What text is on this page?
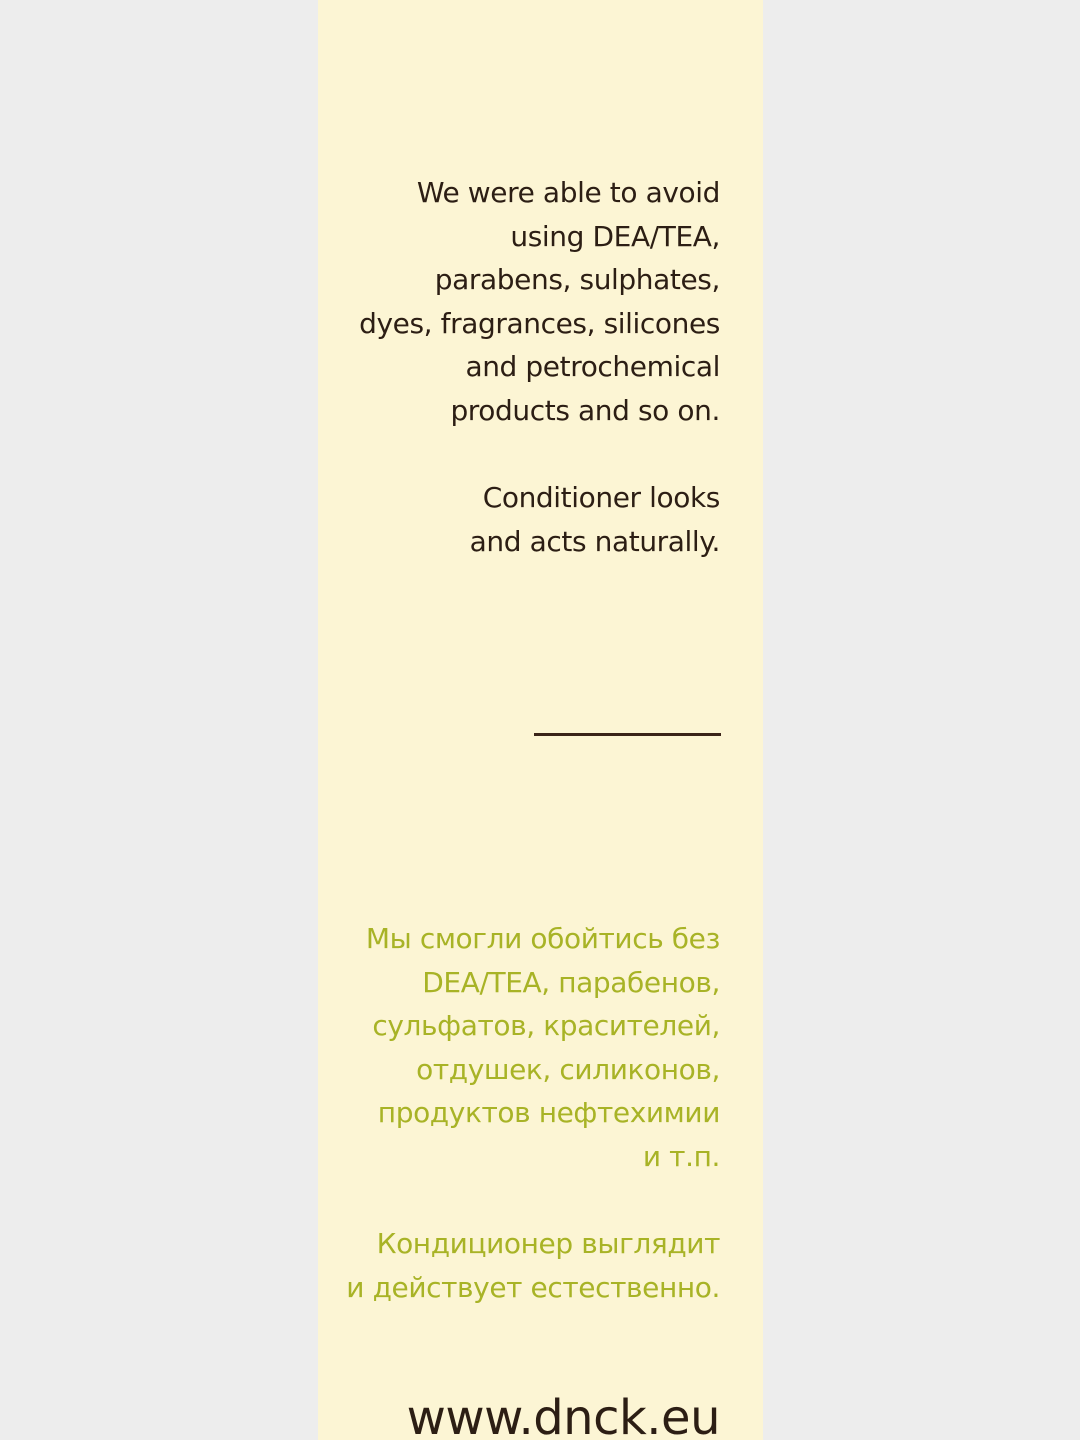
We were able to avoid
using DEA/TEA,
parabens, sulphates,
dyes, fragrances, silicones
and petrochemical
products and so on.

Conditioner looks
and acts naturally.

Мы смогли обойтись без
DEA/TEA, парабенов,
сульфатов, красителей,
отдушек, силиконов,
продуктов нефтехимии
и т.п.

Кондиционер выглядит
и действует естественно.

www.dnck.eu
